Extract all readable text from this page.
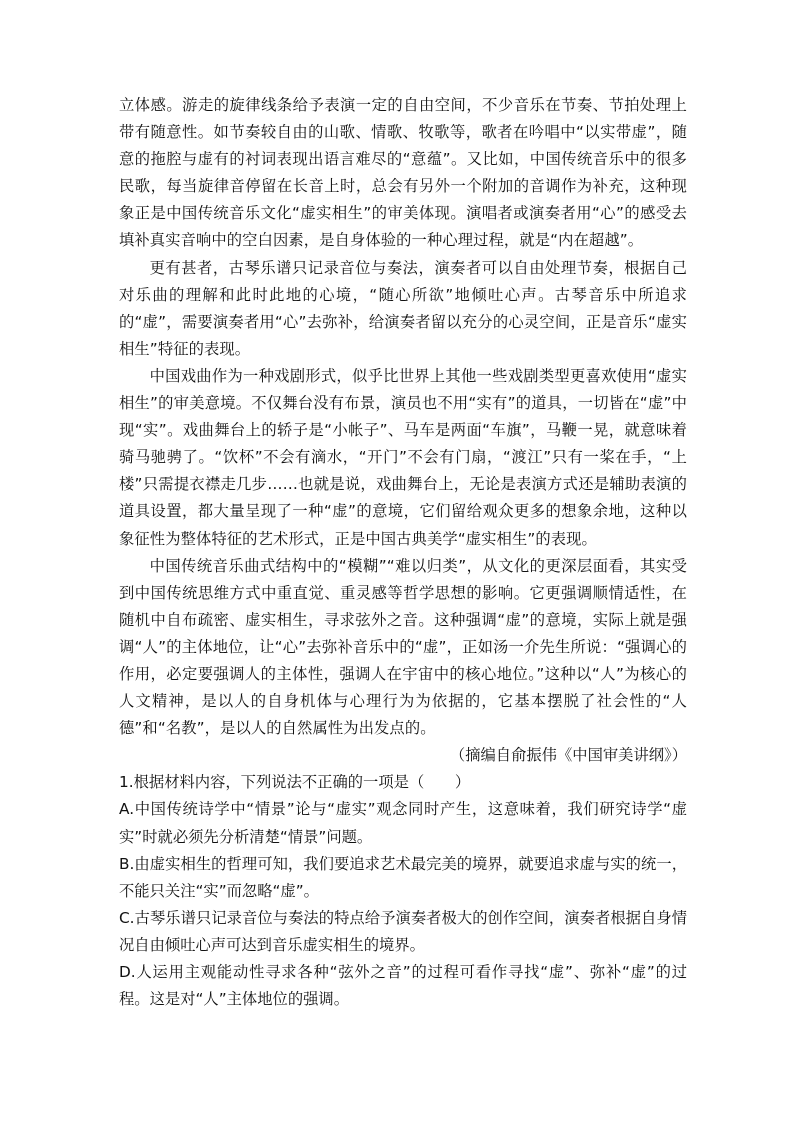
立体感。游走的旋律线条给予表演一定的自由空间，不少音乐在节奏、节拍处理上带有随意性。如节奏较自由的山歌、情歌、牧歌等，歌者在吟唱中“以实带虚”，随意的拖腔与虚有的衬词表现出语言难尽的“意蕴”。又比如，中国传统音乐中的很多民歌，每当旋律音停留在长音上时，总会有另外一个附加的音调作为补充，这种现象正是中国传统音乐文化“虚实相生”的审美体现。演唱者或演奏者用“心”的感受去填补真实音响中的空白因素，是自身体验的一种心理过程，就是“内在超越”。

更有甚者，古琴乐谱只记录音位与奏法，演奏者可以自由处理节奏，根据自己对乐曲的理解和此时此地的心境，“随心所欲”地倾吐心声。古琴音乐中所追求的“虚”，需要演奏者用“心”去弥补，给演奏者留以充分的心灵空间，正是音乐“虚实相生”特征的表现。

中国戏曲作为一种戏剧形式，似乎比世界上其他一些戏剧类型更喜欢使用“虚实相生”的审美意境。不仅舞台没有布景，演员也不用“实有”的道具，一切皆在“虚”中现“实”。戏曲舞台上的轿子是“小帐子”、马车是两面“车旗”，马鞭一晃，就意味着骑马驰骋了。“饮杯”不会有滴水，“开门”不会有门扇，“渡江”只有一桨在手，“上楼”只需提衣襟走几步……也就是说，戏曲舞台上，无论是表演方式还是辅助表演的道具设置，都大量呈现了一种“虚”的意境，它们留给观众更多的想象余地，这种以象征性为整体特征的艺术形式，正是中国古典美学“虚实相生”的表现。

中国传统音乐曲式结构中的“模糊”“难以归类”，从文化的更深层面看，其实受到中国传统思维方式中重直觉、重灵感等哲学思想的影响。它更强调顺情适性，在随机中自布疏密、虚实相生，寻求弦外之音。这种强调“虚”的意境，实际上就是强调“人”的主体地位，让“心”去弥补音乐中的“虚”，正如汤一介先生所说：“强调心的作用，必定要强调人的主体性，强调人在宇宙中的核心地位。”这种以“人”为核心的人文精神，是以人的自身机体与心理行为为依据的，它基本摆脱了社会性的“人德”和“名教”，是以人的自然属性为出发点的。

（摘编自俞振伟《中国审美讲纲》）

1.根据材料内容，下列说法不正确的一项是（　　）

A.中国传统诗学中“情景”论与“虚实”观念同时产生，这意味着，我们研究诗学“虚实”时就必须先分析清楚“情景”问题。

B.由虚实相生的哲理可知，我们要追求艺术最完美的境界，就要追求虚与实的统一，不能只关注“实”而忽略“虚”。

C.古琴乐谱只记录音位与奏法的特点给予演奏者极大的创作空间，演奏者根据自身情况自由倾吐心声可达到音乐虚实相生的境界。

D.人运用主观能动性寻求各种“弦外之音”的过程可看作寻找“虚”、弥补“虚”的过程。这是对“人”主体地位的强调。
